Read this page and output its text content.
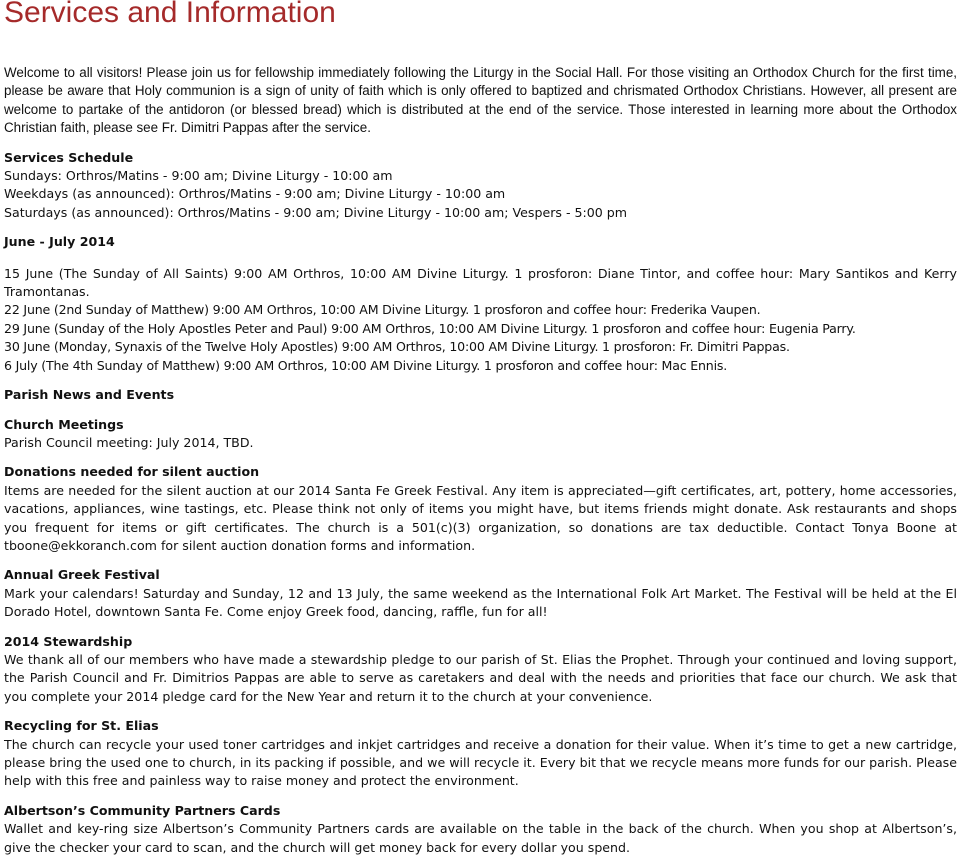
Services and Information

Welcome to all visitors! Please join us for fellowship immediately following the Liturgy in the Social Hall. For those visiting an Orthodox Church for the first time, please be aware that Holy communion is a sign of unity of faith which is only offered to baptized and chrismated Orthodox Christians. However, all present are welcome to partake of the antidoron (or blessed bread) which is distributed at the end of the service. Those interested in learning more about the Orthodox Christian faith, please see Fr. Dimitri Pappas after the service.

Services Schedule
Sundays: Orthros/Matins - 9:00 am; Divine Liturgy - 10:00 am
Weekdays (as announced): Orthros/Matins - 9:00 am; Divine Liturgy - 10:00 am
Saturdays (as announced): Orthros/Matins - 9:00 am; Divine Liturgy - 10:00 am; Vespers - 5:00 pm

June - July 2014

15 June (The Sunday of All Saints) 9:00 AM Orthros, 10:00 AM Divine Liturgy. 1 prosforon: Diane Tintor, and coffee hour: Mary Santikos and Kerry Tramontanas.
22 June (2nd Sunday of Matthew) 9:00 AM Orthros, 10:00 AM Divine Liturgy. 1 prosforon and coffee hour: Frederika Vaupen.
29 June (Sunday of the Holy Apostles Peter and Paul) 9:00 AM Orthros, 10:00 AM Divine Liturgy. 1 prosforon and coffee hour: Eugenia Parry.
30 June (Monday, Synaxis of the Twelve Holy Apostles) 9:00 AM Orthros, 10:00 AM Divine Liturgy. 1 prosforon: Fr. Dimitri Pappas.
6 July (The 4th Sunday of Matthew) 9:00 AM Orthros, 10:00 AM Divine Liturgy. 1 prosforon and coffee hour: Mac Ennis.

Parish News and Events

Church Meetings
Parish Council meeting: July 2014, TBD.
Donations needed for silent auction
Items are needed for the silent auction at our 2014 Santa Fe Greek Festival. Any item is appreciated—gift certificates, art, pottery, home accessories, vacations, appliances, wine tastings, etc. Please think not only of items you might have, but items friends might donate. Ask restaurants and shops you frequent for items or gift certificates. The church is a 501(c)(3) organization, so donations are tax deductible. Contact Tonya Boone at tboone@ekkoranch.com for silent auction donation forms and information.
Annual Greek Festival
Mark your calendars! Saturday and Sunday, 12 and 13 July, the same weekend as the International Folk Art Market. The Festival will be held at the El Dorado Hotel, downtown Santa Fe. Come enjoy Greek food, dancing, raffle, fun for all!
2014 Stewardship
We thank all of our members who have made a stewardship pledge to our parish of St. Elias the Prophet. Through your continued and loving support, the Parish Council and Fr. Dimitrios Pappas are able to serve as caretakers and deal with the needs and priorities that face our church. We ask that you complete your 2014 pledge card for the New Year and return it to the church at your convenience.
Recycling for St. Elias
The church can recycle your used toner cartridges and inkjet cartridges and receive a donation for their value. When it’s time to get a new cartridge, please bring the used one to church, in its packing if possible, and we will recycle it. Every bit that we recycle means more funds for our parish. Please help with this free and painless way to raise money and protect the environment.
Albertson’s Community Partners Cards
Wallet and key-ring size Albertson’s Community Partners cards are available on the table in the back of the church. When you shop at Albertson’s, give the checker your card to scan, and the church will get money back for every dollar you spend.
